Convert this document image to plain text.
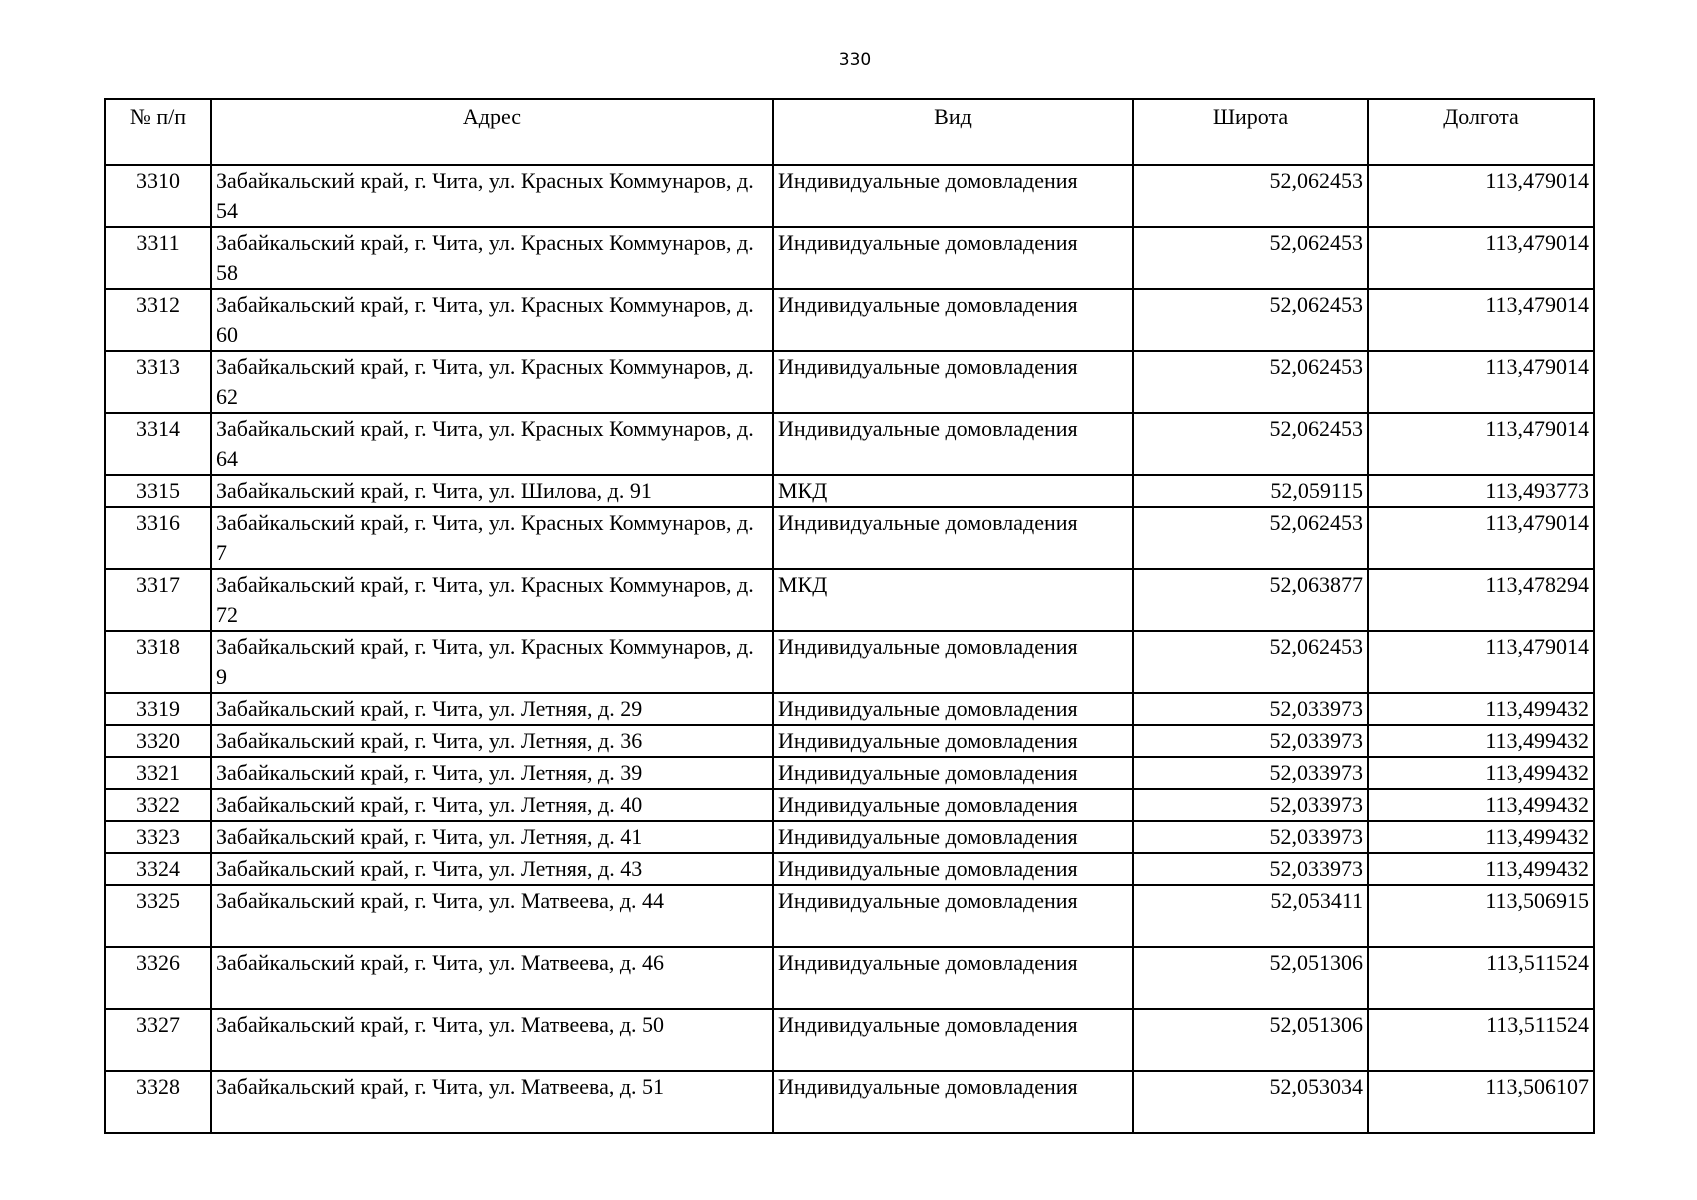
330
№ п/п	Адрес	Вид	Широта	Долгота
3310	Забайкальский край, г. Чита, ул. Красных Коммунаров, д. 54	Индивидуальные домовладения	52,062453	113,479014
3311	Забайкальский край, г. Чита, ул. Красных Коммунаров, д. 58	Индивидуальные домовладения	52,062453	113,479014
3312	Забайкальский край, г. Чита, ул. Красных Коммунаров, д. 60	Индивидуальные домовладения	52,062453	113,479014
3313	Забайкальский край, г. Чита, ул. Красных Коммунаров, д. 62	Индивидуальные домовладения	52,062453	113,479014
3314	Забайкальский край, г. Чита, ул. Красных Коммунаров, д. 64	Индивидуальные домовладения	52,062453	113,479014
3315	Забайкальский край, г. Чита, ул. Шилова, д. 91	МКД	52,059115	113,493773
3316	Забайкальский край, г. Чита, ул. Красных Коммунаров, д. 7	Индивидуальные домовладения	52,062453	113,479014
3317	Забайкальский край, г. Чита, ул. Красных Коммунаров, д. 72	МКД	52,063877	113,478294
3318	Забайкальский край, г. Чита, ул. Красных Коммунаров, д. 9	Индивидуальные домовладения	52,062453	113,479014
3319	Забайкальский край, г. Чита, ул. Летняя, д. 29	Индивидуальные домовладения	52,033973	113,499432
3320	Забайкальский край, г. Чита, ул. Летняя, д. 36	Индивидуальные домовладения	52,033973	113,499432
3321	Забайкальский край, г. Чита, ул. Летняя, д. 39	Индивидуальные домовладения	52,033973	113,499432
3322	Забайкальский край, г. Чита, ул. Летняя, д. 40	Индивидуальные домовладения	52,033973	113,499432
3323	Забайкальский край, г. Чита, ул. Летняя, д. 41	Индивидуальные домовладения	52,033973	113,499432
3324	Забайкальский край, г. Чита, ул. Летняя, д. 43	Индивидуальные домовладения	52,033973	113,499432
3325	Забайкальский край, г. Чита, ул. Матвеева, д. 44	Индивидуальные домовладения	52,053411	113,506915
3326	Забайкальский край, г. Чита, ул. Матвеева, д. 46	Индивидуальные домовладения	52,051306	113,511524
3327	Забайкальский край, г. Чита, ул. Матвеева, д. 50	Индивидуальные домовладения	52,051306	113,511524
3328	Забайкальский край, г. Чита, ул. Матвеева, д. 51	Индивидуальные домовладения	52,053034	113,506107
